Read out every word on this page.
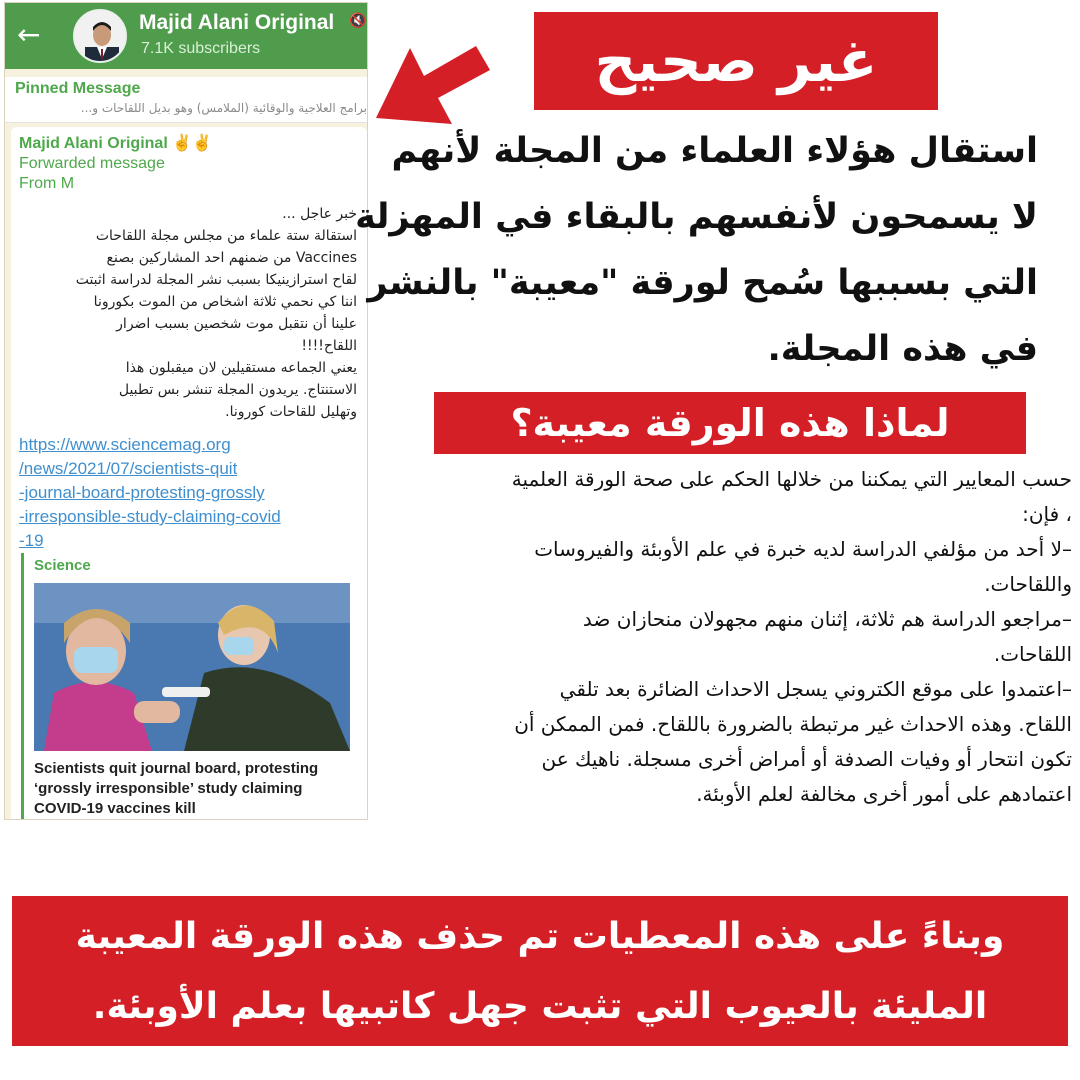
←	Majid Alani Original 🔇
7.1K subscribers
Pinned Message
برامج العلاجية والوقائية (الملامس) وهو بديل اللقاحات و...
Majid Alani Original ✌✌
Forwarded message
From M
خبر عاجل ...
استقالة ستة علماء من مجلس مجلة اللقاحات
Vaccines من ضمنهم احد المشاركين بصنع
لقاح استرازينيكا بسبب نشر المجلة لدراسة اثبتت
اننا كي نحمي ثلاثة اشخاص من الموت بكورونا
علينا أن نتقبل موت شخصين بسبب اضرار
اللقاح!!!!
يعني الجماعه مستقيلين لان ميقبلون هذا
الاستنتاج. يريدون المجلة تنشر بس تطبيل
وتهليل للقاحات كورونا.
https://www.sciencemag.org
/news/2021/07/scientists-quit
-journal-board-protesting-grossly
-irresponsible-study-claiming-covid
-19
Science
Scientists quit journal board, protesting
‘grossly irresponsible’ study claiming
COVID-19 vaccines kill
غير صحيح
استقال هؤلاء العلماء من المجلة لأنهم
لا يسمحون لأنفسهم بالبقاء في المهزلة
التي بسببها سُمح لورقة "معيبة" بالنشر
في هذه المجلة.
لماذا هذه الورقة معيبة؟
حسب المعايير التي يمكننا من خلالها الحكم على صحة الورقة العلمية
، فإن:
–لا أحد من مؤلفي الدراسة لديه خبرة في علم الأوبئة والفيروسات
واللقاحات.
–مراجعو الدراسة هم ثلاثة، إثنان منهم مجهولان منحازان ضد
اللقاحات.
–اعتمدوا على موقع الكتروني يسجل الاحداث الضائرة بعد تلقي
اللقاح. وهذه الاحداث غير مرتبطة بالضرورة باللقاح. فمن الممكن أن
تكون انتحار أو وفيات الصدفة أو أمراض أخرى مسجلة. ناهيك عن
اعتمادهم على أمور أخرى مخالفة لعلم الأوبئة.
وبناءً على هذه المعطيات تم حذف هذه الورقة المعيبة
المليئة بالعيوب التي تثبت جهل كاتبيها بعلم الأوبئة.
